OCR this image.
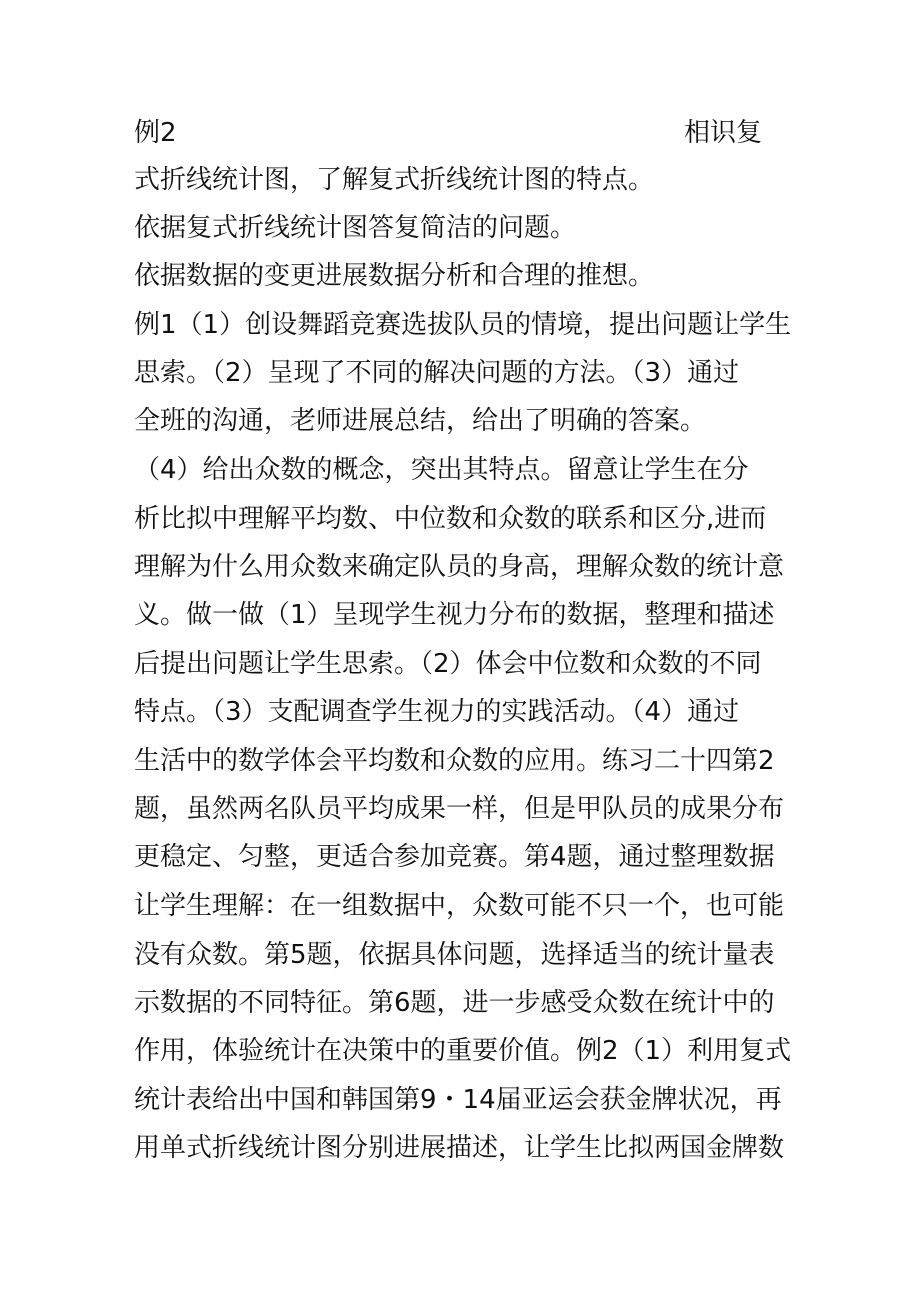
例2	相识复
式折线统计图，了解复式折线统计图的特点。
依据复式折线统计图答复简洁的问题。
依据数据的变更进展数据分析和合理的推想。
例1（1）创设舞蹈竞赛选拔队员的情境，提出问题让学生
思索。（2）呈现了不同的解决问题的方法。（3）通过
全班的沟通，老师进展总结，给出了明确的答案。
（4）给出众数的概念，突出其特点。留意让学生在分
析比拟中理解平均数、中位数和众数的联系和区分,进而
理解为什么用众数来确定队员的身高，理解众数的统计意
义。做一做（1）呈现学生视力分布的数据，整理和描述
后提出问题让学生思索。（2）体会中位数和众数的不同
特点。（3）支配调查学生视力的实践活动。（4）通过
生活中的数学体会平均数和众数的应用。练习二十四第2
题，虽然两名队员平均成果一样，但是甲队员的成果分布
更稳定、匀整，更适合参加竞赛。第4题，通过整理数据
让学生理解：在一组数据中，众数可能不只一个，也可能
没有众数。第5题，依据具体问题，选择适当的统计量表
示数据的不同特征。第6题，进一步感受众数在统计中的
作用，体验统计在决策中的重要价值。例2（1）利用复式
统计表给出中国和韩国第9・14届亚运会获金牌状况，再
用单式折线统计图分别进展描述，让学生比拟两国金牌数
